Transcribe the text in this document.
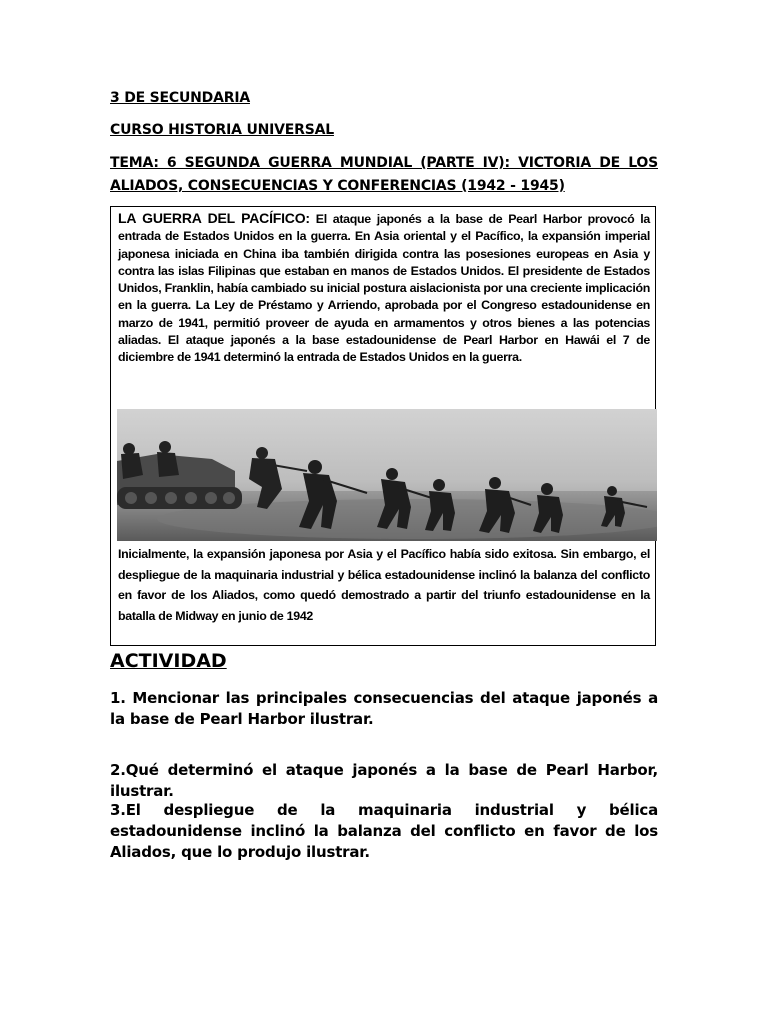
3 DE SECUNDARIA
CURSO HISTORIA UNIVERSAL
TEMA: 6 SEGUNDA GUERRA MUNDIAL (PARTE IV): VICTORIA DE LOS ALIADOS, CONSECUENCIAS Y CONFERENCIAS (1942 - 1945)
LA GUERRA DEL PACÍFICO: El ataque japonés a la base de Pearl Harbor provocó la entrada de Estados Unidos en la guerra. En Asia oriental y el Pacífico, la expansión imperial japonesa iniciada en China iba también dirigida contra las posesiones europeas en Asia y contra las islas Filipinas que estaban en manos de Estados Unidos. El presidente de Estados Unidos, Franklin, había cambiado su inicial postura aislacionista por una creciente implicación en la guerra. La Ley de Préstamo y Arriendo, aprobada por el Congreso estadounidense en marzo de 1941, permitió proveer de ayuda en armamentos y otros bienes a las potencias aliadas. El ataque japonés a la base estadounidense de Pearl Harbor en Hawái el 7 de diciembre de 1941 determinó la entrada de Estados Unidos en la guerra.
Inicialmente, la expansión japonesa por Asia y el Pacífico había sido exitosa. Sin embargo, el despliegue de la maquinaria industrial y bélica estadounidense inclinó la balanza del conflicto en favor de los Aliados, como quedó demostrado a partir del triunfo estadounidense en la batalla de Midway en junio de 1942
ACTIVIDAD
1. Mencionar las principales consecuencias del ataque japonés a la base de Pearl Harbor ilustrar.
2.Qué determinó el ataque japonés a la base de Pearl Harbor, ilustrar.
3.El despliegue de la maquinaria industrial y bélica estadounidense inclinó la balanza del conflicto en favor de los Aliados, que lo produjo ilustrar.
